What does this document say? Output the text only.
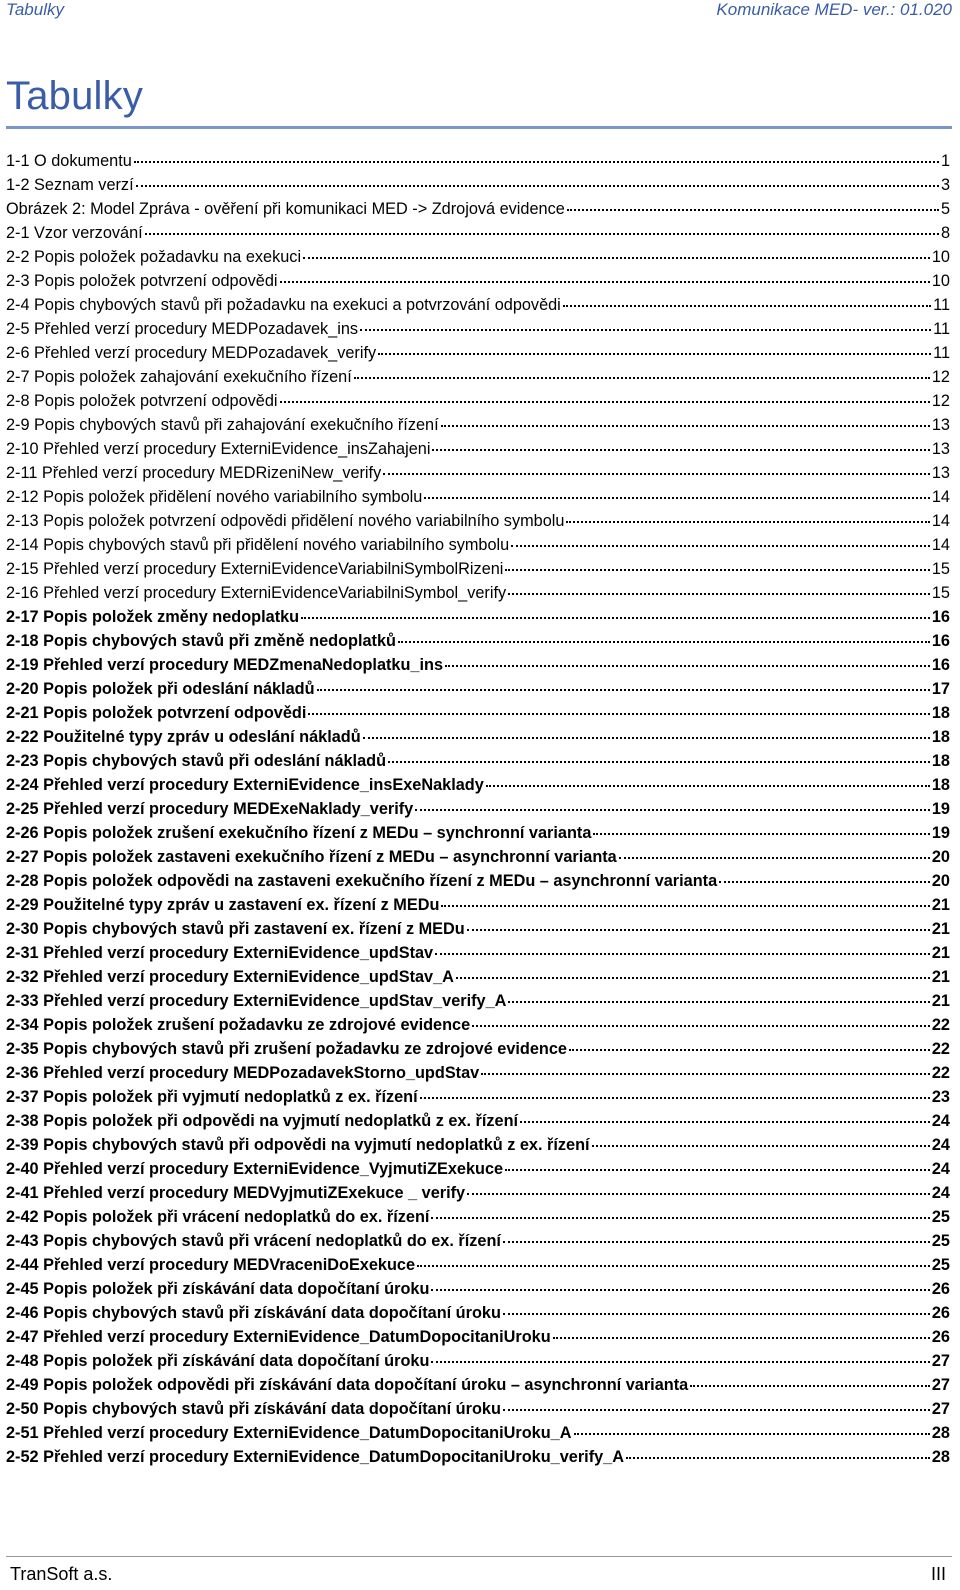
Tabulky	Komunikace MED- ver.: 01.020
Tabulky
1-1 O dokumentu	1
1-2 Seznam verzí	3
Obrázek 2: Model Zpráva - ověření při komunikaci MED -> Zdrojová evidence	5
2-1 Vzor verzování	8
2-2 Popis položek požadavku na exekuci	10
2-3 Popis položek potvrzení odpovědi	10
2-4 Popis chybových stavů při požadavku na exekuci a potvrzování odpovědi	11
2-5 Přehled verzí procedury MEDPozadavek_ins	11
2-6 Přehled verzí procedury MEDPozadavek_verify	11
2-7 Popis položek zahajování exekučního řízení	12
2-8 Popis položek potvrzení odpovědi	12
2-9 Popis chybových stavů při zahajování exekučního řízení	13
2-10 Přehled verzí procedury ExterniEvidence_insZahajeni	13
2-11 Přehled verzí procedury MEDRizeniNew_verify	13
2-12 Popis položek přidělení nového variabilního symbolu	14
2-13 Popis položek potvrzení odpovědi přidělení nového variabilního symbolu	14
2-14 Popis chybových stavů při přidělení nového variabilního symbolu	14
2-15 Přehled verzí procedury ExterniEvidenceVariabilniSymbolRizeni	15
2-16 Přehled verzí procedury ExterniEvidenceVariabilniSymbol_verify	15
2-17 Popis položek změny nedoplatku	16
2-18 Popis chybových stavů při změně nedoplatků	16
2-19 Přehled verzí procedury MEDZmenaNedoplatku_ins	16
2-20 Popis položek při odeslání nákladů	17
2-21 Popis položek potvrzení odpovědi	18
2-22 Použitelné typy zpráv u odeslání nákladů	18
2-23 Popis chybových stavů při odeslání nákladů	18
2-24 Přehled verzí procedury ExterniEvidence_insExeNaklady	18
2-25 Přehled verzí procedury MEDExeNaklady_verify	19
2-26 Popis položek zrušení exekučního řízení z MEDu – synchronní varianta	19
2-27 Popis položek zastaveni exekučního řízení z MEDu – asynchronní varianta	20
2-28 Popis položek odpovědi na zastaveni exekučního řízení z MEDu – asynchronní varianta	20
2-29 Použitelné typy zpráv u zastavení ex. řízení z MEDu	21
2-30 Popis chybových stavů při zastavení ex. řízení z MEDu	21
2-31 Přehled verzí procedury ExterniEvidence_updStav	21
2-32 Přehled verzí procedury ExterniEvidence_updStav_A	21
2-33 Přehled verzí procedury ExterniEvidence_updStav_verify_A	21
2-34 Popis položek zrušení požadavku ze zdrojové evidence	22
2-35 Popis chybových stavů při zrušení požadavku ze zdrojové evidence	22
2-36 Přehled verzí procedury MEDPozadavekStorno_updStav	22
2-37 Popis položek při vyjmutí nedoplatků z ex. řízení	23
2-38 Popis položek při odpovědi na vyjmutí nedoplatků z ex. řízení	24
2-39 Popis chybových stavů při odpovědi na vyjmutí nedoplatků z ex. řízení	24
2-40 Přehled verzí procedury ExterniEvidence_VyjmutiZExekuce	24
2-41 Přehled verzí procedury MEDVyjmutiZExekuce _ verify	24
2-42 Popis položek při vrácení nedoplatků do ex. řízení	25
2-43 Popis chybových stavů při vrácení nedoplatků do ex. řízení	25
2-44 Přehled verzí procedury MEDVraceniDoExekuce	25
2-45 Popis položek při získávání data dopočítaní úroku	26
2-46 Popis chybových stavů při získávání data dopočítaní úroku	26
2-47 Přehled verzí procedury ExterniEvidence_DatumDopocitaniUroku	26
2-48 Popis položek při získávání data dopočítaní úroku	27
2-49 Popis položek odpovědi při získávání data dopočítaní úroku – asynchronní varianta	27
2-50 Popis chybových stavů při získávání data dopočítaní úroku	27
2-51 Přehled verzí procedury ExterniEvidence_DatumDopocitaniUroku_A	28
2-52 Přehled verzí procedury ExterniEvidence_DatumDopocitaniUroku_verify_A	28
TranSoft a.s.	III
